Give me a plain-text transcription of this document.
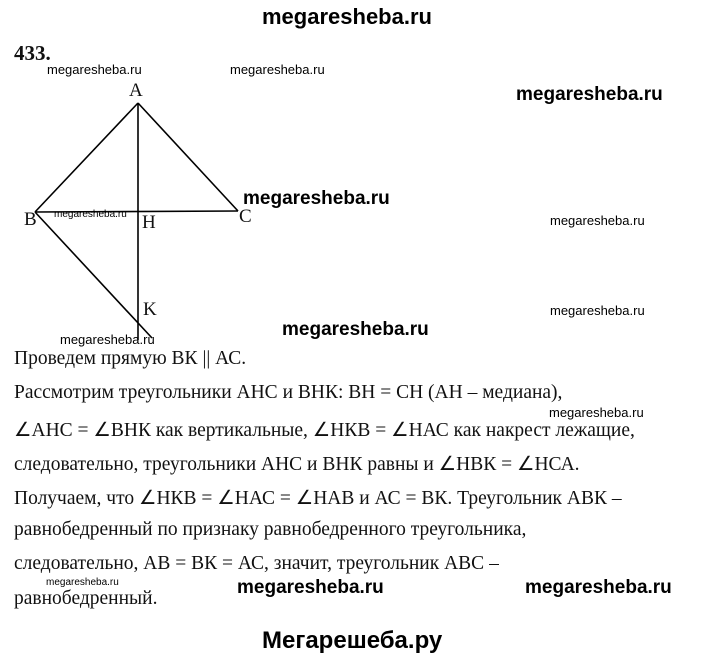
megaresheba.ru
433.
A
B	C
H
K
megaresheba.ru	megaresheba.ru
megaresheba.ru
megaresheba.ru
megaresheba.ru	megaresheba.ru
megaresheba.ru
megaresheba.ru
megaresheba.ru
megaresheba.ru
megaresheba.ru	megaresheba.ru	megaresheba.ru
Проведем прямую ВК || АС.
Рассмотрим треугольники АНС и ВНК: ВН = СН (АН – медиана),
∠АНС = ∠ВНК как вертикальные, ∠НКВ = ∠НАС как накрест лежащие,
следовательно, треугольники АНС и ВНК равны и ∠НВК = ∠НСА.
Получаем, что ∠НКВ = ∠НАС = ∠НАВ и АС = ВК. Треугольник АВК –
равнобедренный по признаку равнобедренного треугольника,
следовательно, АВ = ВК = АС, значит, треугольник АВС –
равнобедренный.
Мегарешеба.ру
